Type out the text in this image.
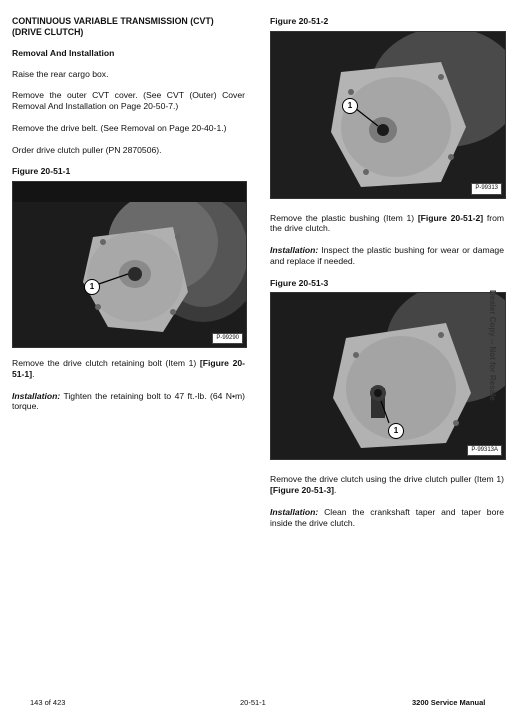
CONTINUOUS VARIABLE TRANSMISSION (CVT) (DRIVE CLUTCH)
Removal And Installation

Raise the rear cargo box.

Remove the outer CVT cover. (See CVT (Outer) Cover Removal And Installation on Page 20-50-7.)

Remove the drive belt. (See Removal on Page 20-40-1.)

Order drive clutch puller (PN 2870506).

Figure 20-51-1
1
P-99290

Remove the drive clutch retaining bolt (Item 1) [Figure 20-51-1].

Installation: Tighten the retaining bolt to 47 ft.-lb. (64 N•m) torque.

Figure 20-51-2
1
P-99313

Remove the plastic bushing (Item 1) [Figure 20-51-2] from the drive clutch.

Installation: Inspect the plastic bushing for wear or damage and replace if needed.

Figure 20-51-3
1
P-99313A

Remove the drive clutch using the drive clutch puller (Item 1) [Figure 20-51-3].

Installation: Clean the crankshaft taper and taper bore inside the drive clutch.

Dealer Copy -- Not for Resale
143 of 423	20-51-1	3200 Service Manual
